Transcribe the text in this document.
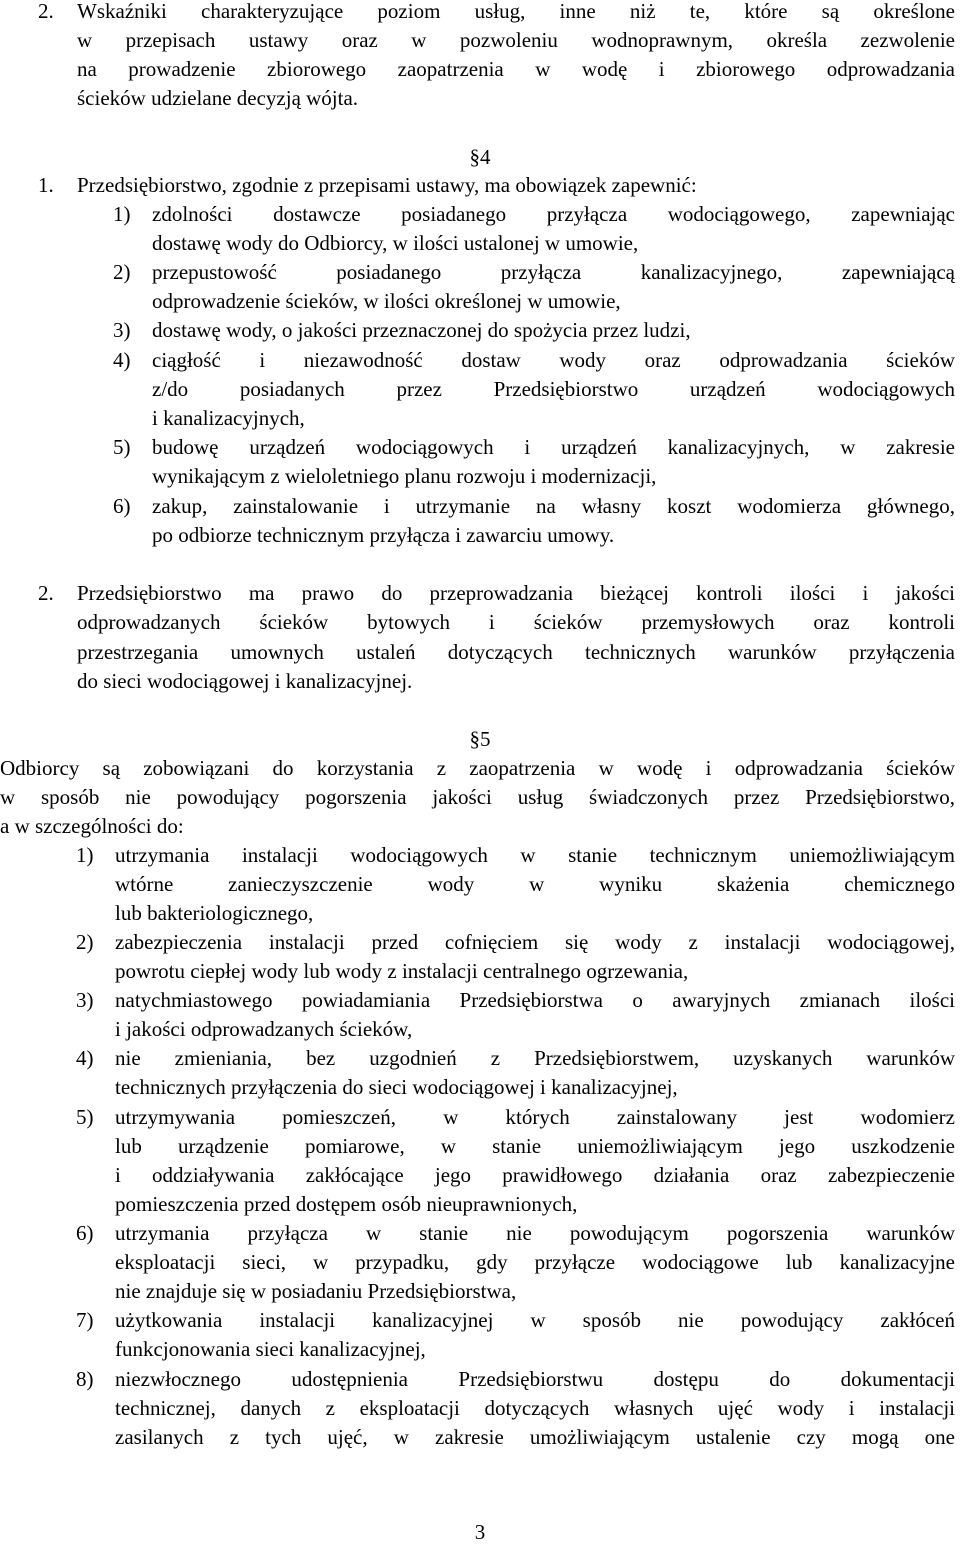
2. Wskaźniki charakteryzujące poziom usług, inne niż te, które są określone
w przepisach ustawy oraz w pozwoleniu wodnoprawnym, określa zezwolenie
na prowadzenie zbiorowego zaopatrzenia w wodę i zbiorowego odprowadzania
ścieków udzielane decyzją wójta.
§4
1. Przedsiębiorstwo, zgodnie z przepisami ustawy, ma obowiązek zapewnić:
1) zdolności dostawcze posiadanego przyłącza wodociągowego, zapewniając
dostawę wody do Odbiorcy, w ilości ustalonej w umowie,
2) przepustowość posiadanego przyłącza kanalizacyjnego, zapewniającą
odprowadzenie ścieków, w ilości określonej w umowie,
3) dostawę wody, o jakości przeznaczonej do spożycia przez ludzi,
4) ciągłość i niezawodność dostaw wody oraz odprowadzania ścieków
z/do posiadanych przez Przedsiębiorstwo urządzeń wodociągowych
i kanalizacyjnych,
5) budowę urządzeń wodociągowych i urządzeń kanalizacyjnych, w zakresie
wynikającym z wieloletniego planu rozwoju i modernizacji,
6) zakup, zainstalowanie i utrzymanie na własny koszt wodomierza głównego,
po odbiorze technicznym przyłącza i zawarciu umowy.
2. Przedsiębiorstwo ma prawo do przeprowadzania bieżącej kontroli ilości i jakości
odprowadzanych ścieków bytowych i ścieków przemysłowych oraz kontroli
przestrzegania umownych ustaleń dotyczących technicznych warunków przyłączenia
do sieci wodociągowej i kanalizacyjnej.
§5
Odbiorcy są zobowiązani do korzystania z zaopatrzenia w wodę i odprowadzania ścieków
w sposób nie powodujący pogorszenia jakości usług świadczonych przez Przedsiębiorstwo,
a w szczególności do:
1) utrzymania instalacji wodociągowych w stanie technicznym uniemożliwiającym
wtórne zanieczyszczenie wody w wyniku skażenia chemicznego
lub bakteriologicznego,
2) zabezpieczenia instalacji przed cofnięciem się wody z instalacji wodociągowej,
powrotu ciepłej wody lub wody z instalacji centralnego ogrzewania,
3) natychmiastowego powiadamiania Przedsiębiorstwa o awaryjnych zmianach ilości
i jakości odprowadzanych ścieków,
4) nie zmieniania, bez uzgodnień z Przedsiębiorstwem, uzyskanych warunków
technicznych przyłączenia do sieci wodociągowej i kanalizacyjnej,
5) utrzymywania pomieszczeń, w których zainstalowany jest wodomierz
lub urządzenie pomiarowe, w stanie uniemożliwiającym jego uszkodzenie
i oddziaływania zakłócające jego prawidłowego działania oraz zabezpieczenie
pomieszczenia przed dostępem osób nieuprawnionych,
6) utrzymania przyłącza w stanie nie powodującym pogorszenia warunków
eksploatacji sieci, w przypadku, gdy przyłącze wodociągowe lub kanalizacyjne
nie znajduje się w posiadaniu Przedsiębiorstwa,
7) użytkowania instalacji kanalizacyjnej w sposób nie powodujący zakłóceń
funkcjonowania sieci kanalizacyjnej,
8) niezwłocznego udostępnienia Przedsiębiorstwu dostępu do dokumentacji
technicznej, danych z eksploatacji dotyczących własnych ujęć wody i instalacji
zasilanych z tych ujęć, w zakresie umożliwiającym ustalenie czy mogą one
3
